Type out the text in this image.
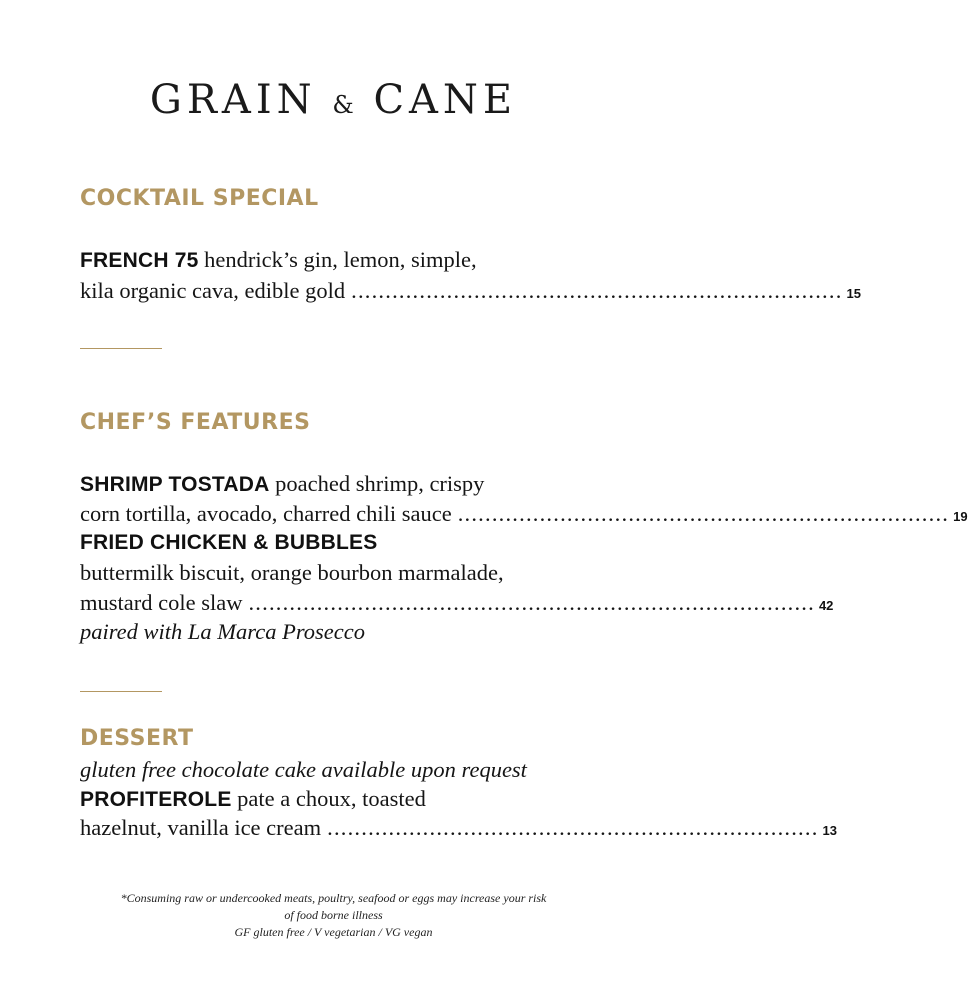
GRAIN & CANE
COCKTAIL SPECIAL
FRENCH 75 hendrick’s gin, lemon, simple,
kila organic cava, edible gold ........................................................................ 15
CHEF’S FEATURES
SHRIMP TOSTADA poached shrimp, crispy
corn tortilla, avocado, charred chili sauce ........................................................................ 19
FRIED CHICKEN & BUBBLES
buttermilk biscuit, orange bourbon marmalade,
mustard cole slaw ................................................................................... 42
paired with La Marca Prosecco
DESSERT
gluten free chocolate cake available upon request
PROFITEROLE pate a choux, toasted
hazelnut, vanilla ice cream ........................................................................ 13
*Consuming raw or undercooked meats, poultry, seafood or eggs may increase your risk
of food borne illness
GF gluten free / V vegetarian / VG vegan
